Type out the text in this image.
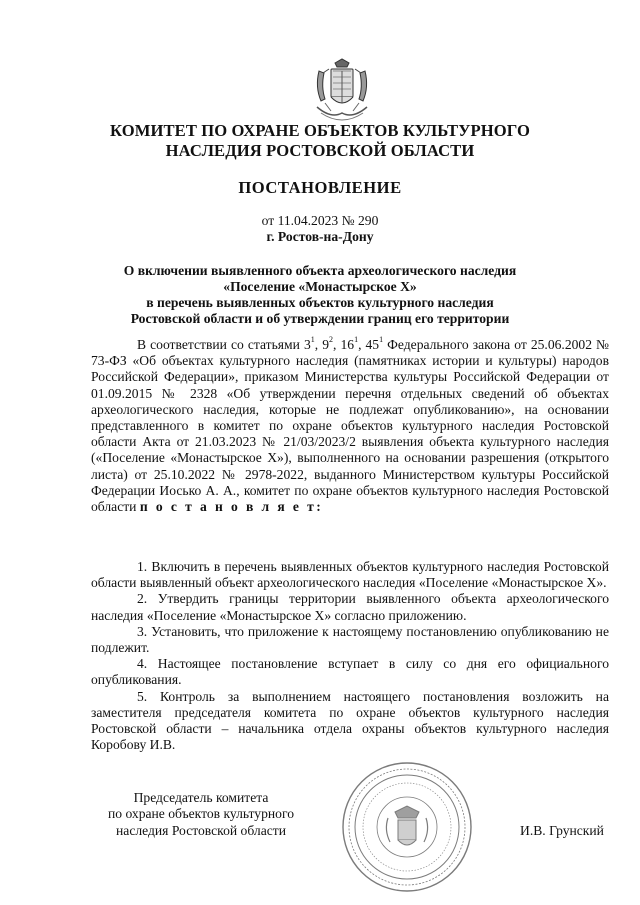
КОМИТЕТ ПО ОХРАНЕ ОБЪЕКТОВ КУЛЬТУРНОГО
НАСЛЕДИЯ РОСТОВСКОЙ ОБЛАСТИ
ПОСТАНОВЛЕНИЕ
от 11.04.2023 № 290
г. Ростов-на-Дону
О включении выявленного объекта археологического наследия
«Поселение «Монастырское Х»
в перечень выявленных объектов культурного наследия
Ростовской области и об утверждении границ его территории

В соответствии со статьями $3^1$, $9^2$, $16^1$, $45^1$ Федерального закона от 25.06.2002 № 73-ФЗ «Об объектах культурного наследия (памятниках истории и культуры) народов Российской Федерации», приказом Министерства культуры Российской Федерации от 01.09.2015 № 2328 «Об утверждении перечня отдельных сведений об объектах археологического наследия, которые не подлежат опубликованию», на основании представленного в комитет по охране объектов культурного наследия Ростовской области Акта от 21.03.2023 № 21/03/2023/2 выявления объекта культурного наследия («Поселение «Монастырское Х»), выполненного на основании разрешения (открытого листа) от 25.10.2022 № 2978-2022, выданного Министерством культуры Российской Федерации Иосько А. А., комитет по охране объектов культурного наследия Ростовской области п о с т а н о в л я е т:

1. Включить в перечень выявленных объектов культурного наследия Ростовской области выявленный объект археологического наследия «Поселение «Монастырское Х».

2. Утвердить границы территории выявленного объекта археологического наследия «Поселение «Монастырское Х» согласно приложению.

3. Установить, что приложение к настоящему постановлению опубликованию не подлежит.

4. Настоящее постановление вступает в силу со дня его официального опубликования.

5. Контроль за выполнением настоящего постановления возложить на заместителя председателя комитета по охране объектов культурного наследия Ростовской области – начальника отдела охраны объектов культурного наследия Коробову И.В.

Председатель комитета
по охране объектов культурного
наследия Ростовской области	И.В. Грунский
